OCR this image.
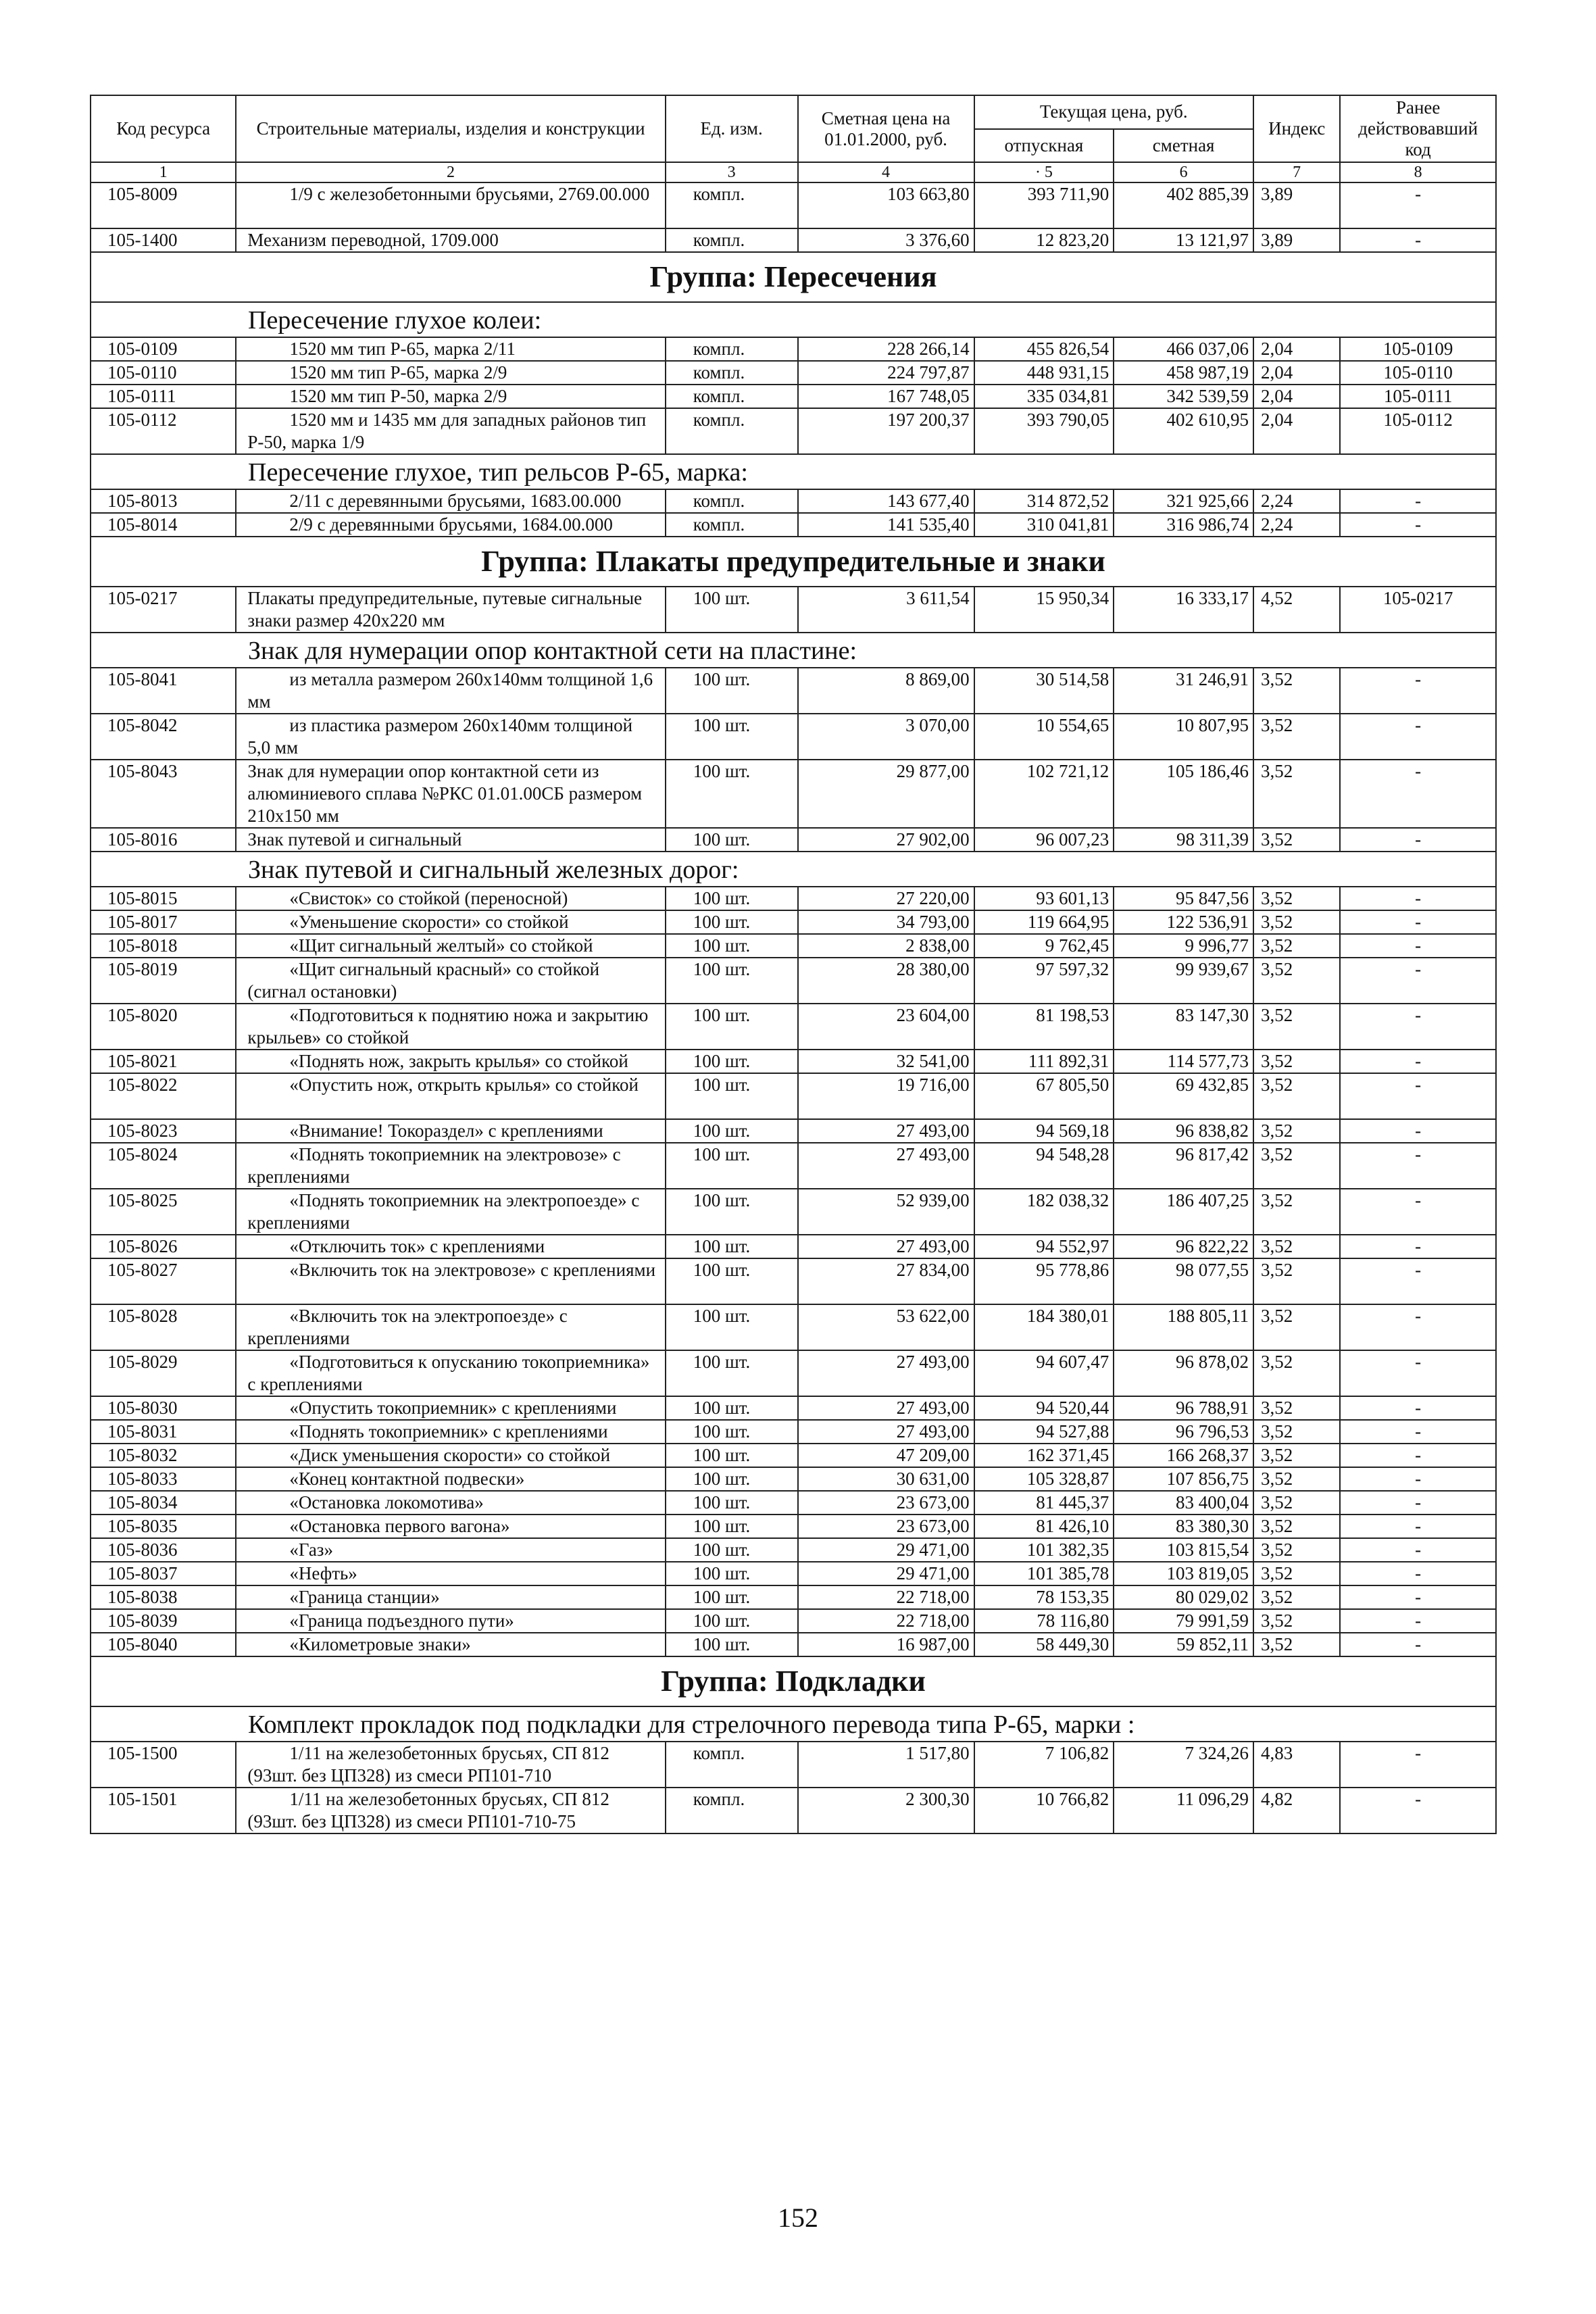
Код ресурса	Строительные материалы, изделия и конструкции	Ед. изм.	Сметная цена на 01.01.2000, руб.	Текущая цена, руб.		Индекс	Ранее действовавший код
				отпускная	сметная		
1	2	3	4	· 5	6	7	8
105-8009	1/9 с железобетонными брусьями, 2769.00.000	компл.	103 663,80	393 711,90	402 885,39	3,89	-
105-1400	Механизм переводной, 1709.000	компл.	3 376,60	12 823,20	13 121,97	3,89	-
Группа: Пересечения							
Пересечение глухое колеи:							
105-0109	1520 мм тип Р-65, марка 2/11	компл.	228 266,14	455 826,54	466 037,06	2,04	105-0109
105-0110	1520 мм тип Р-65, марка 2/9	компл.	224 797,87	448 931,15	458 987,19	2,04	105-0110
105-0111	1520 мм тип Р-50, марка 2/9	компл.	167 748,05	335 034,81	342 539,59	2,04	105-0111
105-0112	1520 мм и 1435 мм для западных районов тип Р-50, марка 1/9	компл.	197 200,37	393 790,05	402 610,95	2,04	105-0112
Пересечение глухое, тип рельсов Р-65, марка:							
105-8013	2/11 с деревянными брусьями, 1683.00.000	компл.	143 677,40	314 872,52	321 925,66	2,24	-
105-8014	2/9 с деревянными брусьями, 1684.00.000	компл.	141 535,40	310 041,81	316 986,74	2,24	-
Группа: Плакаты предупредительные и знаки							
105-0217	Плакаты предупредительные, путевые сигнальные знаки размер 420х220 мм	100 шт.	3 611,54	15 950,34	16 333,17	4,52	105-0217
Знак для нумерации опор контактной сети на пластине:							
105-8041	из металла размером 260х140мм толщиной 1,6 мм	100 шт.	8 869,00	30 514,58	31 246,91	3,52	-
105-8042	из пластика размером 260х140мм толщиной 5,0 мм	100 шт.	3 070,00	10 554,65	10 807,95	3,52	-
105-8043	Знак для нумерации опор контактной сети из алюминиевого сплава №РКС 01.01.00СБ размером 210х150 мм	100 шт.	29 877,00	102 721,12	105 186,46	3,52	-
105-8016	Знак путевой и сигнальный	100 шт.	27 902,00	96 007,23	98 311,39	3,52	-
Знак путевой и сигнальный железных дорог:							
105-8015	«Свисток» со стойкой (переносной)	100 шт.	27 220,00	93 601,13	95 847,56	3,52	-
105-8017	«Уменьшение скорости» со стойкой	100 шт.	34 793,00	119 664,95	122 536,91	3,52	-
105-8018	«Щит сигнальный желтый» со стойкой	100 шт.	2 838,00	9 762,45	9 996,77	3,52	-
105-8019	«Щит сигнальный красный» со стойкой (сигнал остановки)	100 шт.	28 380,00	97 597,32	99 939,67	3,52	-
105-8020	«Подготовиться к поднятию ножа и закрытию крыльев» со стойкой	100 шт.	23 604,00	81 198,53	83 147,30	3,52	-
105-8021	«Поднять нож, закрыть крылья» со стойкой	100 шт.	32 541,00	111 892,31	114 577,73	3,52	-
105-8022	«Опустить нож, открыть крылья» со стойкой	100 шт.	19 716,00	67 805,50	69 432,85	3,52	-
105-8023	«Внимание! Токораздел» с креплениями	100 шт.	27 493,00	94 569,18	96 838,82	3,52	-
105-8024	«Поднять токоприемник на электровозе» с креплениями	100 шт.	27 493,00	94 548,28	96 817,42	3,52	-
105-8025	«Поднять токоприемник на электропоезде» с креплениями	100 шт.	52 939,00	182 038,32	186 407,25	3,52	-
105-8026	«Отключить ток» с креплениями	100 шт.	27 493,00	94 552,97	96 822,22	3,52	-
105-8027	«Включить ток на электровозе» с креплениями	100 шт.	27 834,00	95 778,86	98 077,55	3,52	-
105-8028	«Включить ток на электропоезде» с креплениями	100 шт.	53 622,00	184 380,01	188 805,11	3,52	-
105-8029	«Подготовиться к опусканию токоприемника» с креплениями	100 шт.	27 493,00	94 607,47	96 878,02	3,52	-
105-8030	«Опустить токоприемник» с креплениями	100 шт.	27 493,00	94 520,44	96 788,91	3,52	-
105-8031	«Поднять токоприемник» с креплениями	100 шт.	27 493,00	94 527,88	96 796,53	3,52	-
105-8032	«Диск уменьшения скорости» со стойкой	100 шт.	47 209,00	162 371,45	166 268,37	3,52	-
105-8033	«Конец контактной подвески»	100 шт.	30 631,00	105 328,87	107 856,75	3,52	-
105-8034	«Остановка локомотива»	100 шт.	23 673,00	81 445,37	83 400,04	3,52	-
105-8035	«Остановка первого вагона»	100 шт.	23 673,00	81 426,10	83 380,30	3,52	-
105-8036	«Газ»	100 шт.	29 471,00	101 382,35	103 815,54	3,52	-
105-8037	«Нефть»	100 шт.	29 471,00	101 385,78	103 819,05	3,52	-
105-8038	«Граница станции»	100 шт.	22 718,00	78 153,35	80 029,02	3,52	-
105-8039	«Граница подъездного пути»	100 шт.	22 718,00	78 116,80	79 991,59	3,52	-
105-8040	«Километровые знаки»	100 шт.	16 987,00	58 449,30	59 852,11	3,52	-
Группа: Подкладки							
Комплект прокладок под подкладки для стрелочного перевода типа Р-65, марки :							
105-1500	1/11 на железобетонных брусьях, СП 812 (93шт. без ЦП328) из смеси РП101-710	компл.	1 517,80	7 106,82	7 324,26	4,83	-
105-1501	1/11 на железобетонных брусьях, СП 812 (93шт. без ЦП328) из смеси РП101-710-75	компл.	2 300,30	10 766,82	11 096,29	4,82	-
152
